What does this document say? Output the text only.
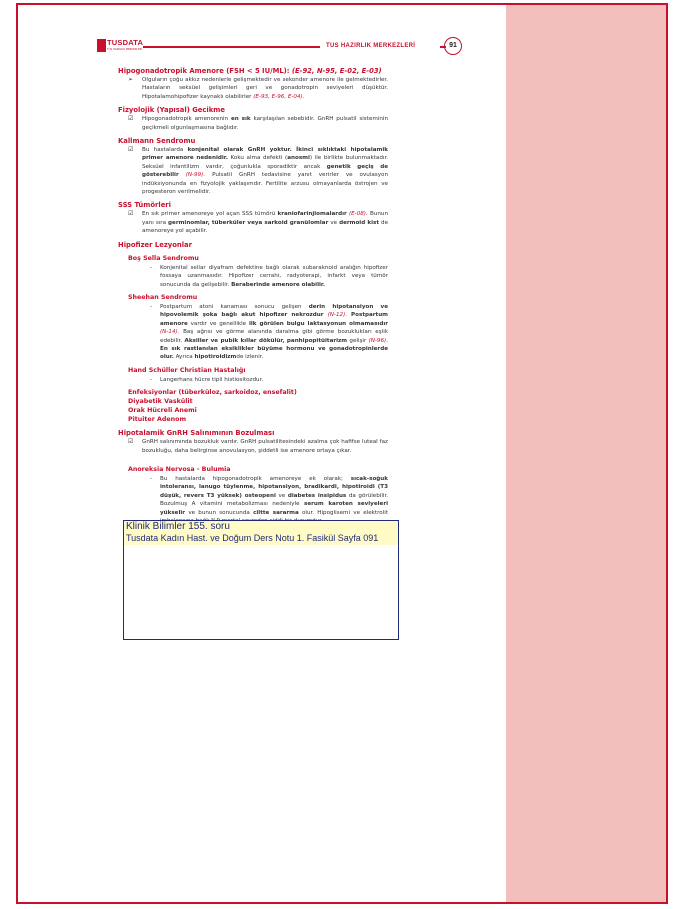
TUSDATA
TUS HAZIRLIK MERKEZLERİ
TUS HAZIRLIK MERKEZLERİ	91
Hipogonadotropik Amenore (FSH < 5 IU/ML): (E-92, N-95, E-02, E-03)
➢ Olguların çoğu akkız nedenlerle gelişmektedir ve sekonder amenore ile gelmektedirler. Hastaların seksüel gelişimleri geri ve gonadotropin seviyeleri düşüktür. Hipotalamohipofizer kaynaklı olabilirler (E-93, E-96, E-04).
Fizyolojik (Yapısal) Gecikme
☑ Hipogonadotropik amenorenin en sık karşılaşılan sebebidir. GnRH pulsatil sisteminin geçikmeli olgunlaşmasına bağlıdır.
Kallmann Sendromu
☑ Bu hastalarda konjenital olarak GnRH yoktur. İkinci sıklıktaki hipotalamik primer amenore nedenidir. Koku alma defekti (anosmi) ile birlikte bulunmaktadır. Seksüel infantilizm vardır, çoğunlukla sporadiktir ancak genetik geçiş de gösterebilir (N-99). Pulsatil GnRH tedavisine yanıt verirler ve ovulasyon indüksiyonunda en fizyolojik yaklaşımdır. Fertilite arzusu olmayanlarda östrojen ve progesteron verilmelidir.
SSS Tümörleri
☑ En sık primer amenoreye yol açan SSS tümörü kraniofarinjiomalardır (E-08). Bunun yanı sıra germinomlar, tüberküler veya sarkoid granülomlar ve dermoid kist de amenoreye yol açabilir.
Hipofizer Lezyonlar
Boş Sella Sendromu
- Konjenital sellar diyafram defektine bağlı olarak subaraknoid aralığın hipofizer fossaya uzanmasıdır. Hipofizer cerrahi, radyoterapi, infarkt veya tümör sonucunda da gelişebilir. Beraberinde amenore olabilir.
Sheehan Sendromu
- Postpartum atoni kanaması sonucu gelişen derin hipotansiyon ve hipovolemik şoka bağlı akut hipofizer nekrozdur (N-12). Postpartum amenore vardır ve genellikle ilk görülen bulgu laktasyonun olmamasıdır (N-14). Baş ağrısı ve görme alanında daralma gibi görme bozuklukları eşlik edebilir. Aksiller ve pubik kıllar dökülür, panhipopitüitarizm gelişir (N-96). En sık rastlanılan eksiklikler büyüme hormonu ve gonadotropinlerde olur. Ayrıca hipotiroidizmde izlenir.
Hand Schüller Christian Hastalığı
- Langerhans hücre tipli histiositozdur.
Enfeksiyonlar (tüberküloz, sarkoidoz, ensefalit)
Diyabetik Vaskülit
Orak Hücreli Anemi
Pituiter Adenom
Hipotalamik GnRH Salınımının Bozulması
☑ GnRH salınımında bozukluk vardır. GnRH pulsatilitesindeki azalma çok hafifse luteal faz bozukluğu, daha belirginse anovulasyon, şiddetli ise amenore ortaya çıkar.
Anoreksia Nervosa - Bulumia
- Bu hastalarda hipogonadotropik amenoreye ek olarak; sıcak-soğuk intoleransı, lanugo tüylenme, hipotansiyon, bradikardi, hipotiroidi (T3 düşük, revers T3 yüksek) osteopeni ve diabetes insipidus da görülebilir. Bozulmuş A vitamini metabolizması nedeniyle serum karoten seviyeleri yükselir ve bunun sonucunda ciltte sararma olur. Hipoglisemi ve elektrolit
Klinik Bilimler 155. soru
Tusdata Kadın Hast. ve Doğum Ders Notu 1. Fasikül Sayfa 091
